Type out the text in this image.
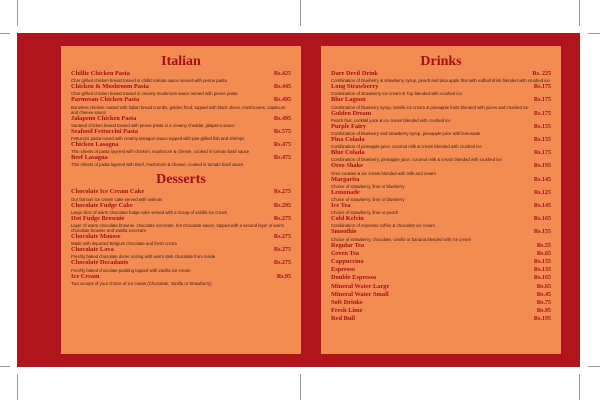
Italian
Chilliz Chicken Pasta	Rs.425
Char grilled chicken breast tossed in chilliz tomato sauce served with penne pasta
Chicken & Mushroom Pasta	Rs.445
Char grilled chicken breast tossed in creamy mushroom sauce served with penne pasta
Parmesan Chicken Pasta	Rs.495
Boneless chicken coated with italian bread crumbs, golden fried, topped with black olives, mushrooms, capsicum and cheese sauce
Jalapeno Chicken Pasta	Rs.495
Sauteed chicken breast tossed with penne pasta in a creamy cheddar, jalapeno sauce
Seafood Fettuccini Pasta	Rs.575
Fettuccini pasta mixed with creamy tarragon sauce topped with pan grilled fish and shrimps
Chicken Lasagna	Rs.475
Thin sheets of pasta layered with chicken, mushroom & cheese, cooked in tomato basil sauce
Beef Lasagna	Rs.475
Thin sheets of pasta layered with Beef, mushroom & cheese, cooked in tomato basil sauce
Desserts
Chocolate Ice Cream Cake	Rs.275
Our famous ice cream cake served with walnuts
Chocolate Fudge Cake	Rs.295
Large slice of warm chocolate fudge cake served with a scoop of vanilla ice cream
Hot Fudge Brownie	Rs.275
Layer of warm chocolate brownie, chocolate icecream, hot chocolate sauce, topped with a second layer of warm chocolate brownie and vanilla icecream
Chocolate Mousse	Rs.275
Made with imported Belgium chocolate and fresh cream
Chocolate Lava	Rs.275
Freshly baked chocolate dome oozing with warm dark chocolate from inside
Chocolate Decadants	Rs.275
Freshly baked chocolate pudding topped with vanilla ice cream
Ice Cream	Rs.95
Two scoops of your choice of ice cream (Chocolate, Vanilla or Strawberry)
Drinks
Dare Devil Drink	Rs. 225
Combination of blueberry & strawberry syrup, peach and pina apple that with redbull drink blended with crushed ice
Long Strawberry	Rs.175
Combination of strawberry ice cream & 7up blended with crushed ice
Blue Lagoon	Rs.175
Combination of blueberry syrup, vanilla ice cream & pineapple fruits blended with juices and crushed ice
Golden Dream	Rs.175
Peach fruit, cocktail juice & ice cream blended with crushed ice
Purple Fairy	Rs.155
Combination of blueberry and strawberry syrup, pineapple juice with lemonade
Pina Colada	Rs.155
Combination of pineapple juice, coconut milk & cream blended with crushed ice
Blue Colada	Rs.175
Combination of blueberry, pineapple juice, coconut milk & cream blended with crushed ice
Oreo Shake	Rs.195
Oreo cookies & ice cream blended with milk and cream
Margarita	Rs.145
Choice of strawberry, lime or blueberry
Lemonade	Rs.125
Choice of strawberry, lime or blueberry
Ice Tea	Rs.145
Choice of strawberry, lime or peach
Cold Kelvin	Rs.165
Combination of espresso coffee & chocolate ice cream
Smoothie	Rs.155
Choice of strawberry, chocolate, vanilla or banana blended with ice cream
Regular Tea	Rs.55
Green Tea	Rs.65
Cappuccino	Rs.155
Espresso	Rs.135
Double Espresso	Rs.165
Mineral Water Large	Rs.65
Mineral Water Small	Rs.45
Soft Drinks	Rs.75
Fresh Lime	Rs.95
Red Bull	Rs.195
